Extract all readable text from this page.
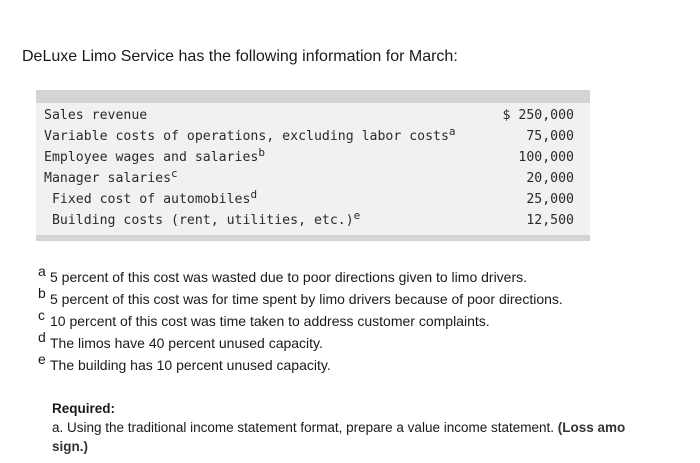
DeLuxe Limo Service has the following information for March:

Sales revenue	$ 250,000
Variable costs of operations, excluding labor costs$^a$	75,000
Employee wages and salaries$^b$	100,000
Manager salaries$^c$	20,000
Fixed cost of automobiles$^d$	25,000
Building costs (rent, utilities, etc.)$^e$	12,500
a 5 percent of this cost was wasted due to poor directions given to limo drivers.
b 5 percent of this cost was for time spent by limo drivers because of poor directions.
c 10 percent of this cost was time taken to address customer complaints.
d The limos have 40 percent unused capacity.
e The building has 10 percent unused capacity.
Required:
a. Using the traditional income statement format, prepare a value income statement. (Loss amo
sign.)
